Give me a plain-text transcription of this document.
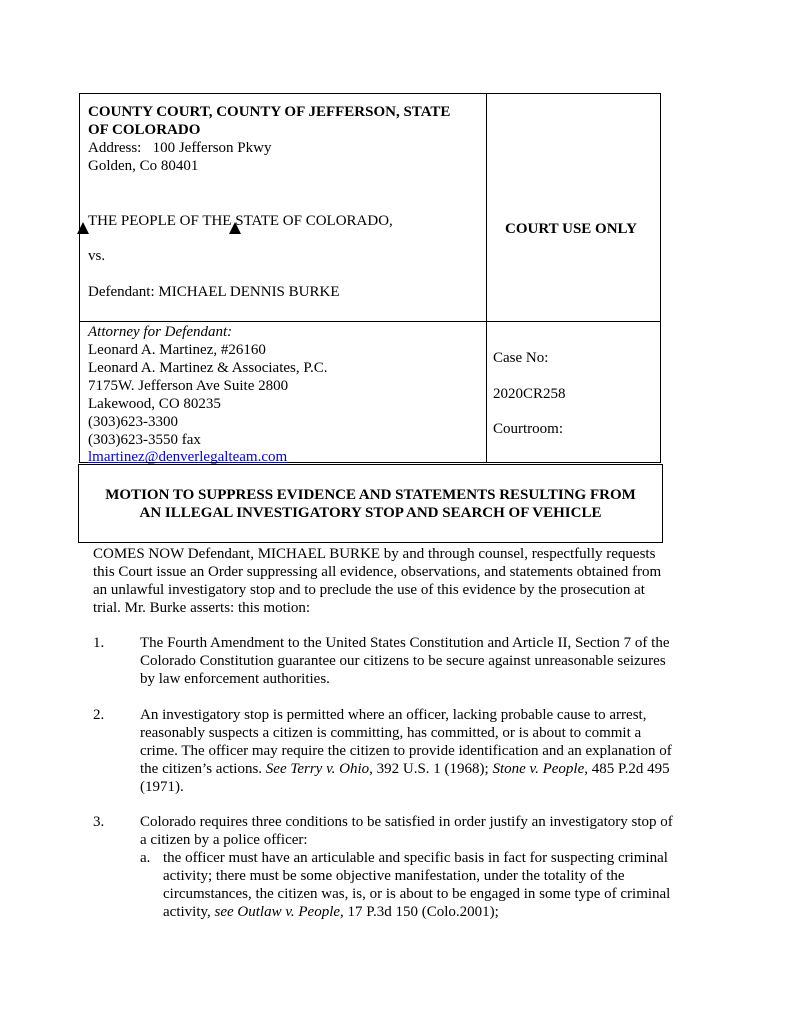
COUNTY COURT, COUNTY OF JEFFERSON, STATE
OF COLORADO
Address:   100 Jefferson Pkwy
Golden, Co 80401
THE PEOPLE OF THE STATE OF COLORADO,
vs.
Defendant: MICHAEL DENNIS BURKE
COURT USE ONLY
Attorney for Defendant:
Leonard A. Martinez, #26160
Leonard A. Martinez & Associates, P.C.
7175W. Jefferson Ave Suite 2800
Lakewood, CO 80235
(303)623-3300
(303)623-3550 fax
lmartinez@denverlegalteam.com
Case No:
2020CR258
Courtroom:
MOTION TO SUPPRESS EVIDENCE AND STATEMENTS RESULTING FROM
AN ILLEGAL INVESTIGATORY STOP AND SEARCH OF VEHICLE
COMES NOW Defendant, MICHAEL BURKE by and through counsel, respectfully requests
this Court issue an Order suppressing all evidence, observations, and statements obtained from
an unlawful investigatory stop and to preclude the use of this evidence by the prosecution at
trial. Mr. Burke asserts: this motion:
1. The Fourth Amendment to the United States Constitution and Article II, Section 7 of the
Colorado Constitution guarantee our citizens to be secure against unreasonable seizures
by law enforcement authorities.
2. An investigatory stop is permitted where an officer, lacking probable cause to arrest,
reasonably suspects a citizen is committing, has committed, or is about to commit a
crime. The officer may require the citizen to provide identification and an explanation of
the citizen’s actions. See Terry v. Ohio, 392 U.S. 1 (1968); Stone v. People, 485 P.2d 495
(1971).
3. Colorado requires three conditions to be satisfied in order justify an investigatory stop of
a citizen by a police officer:
a. the officer must have an articulable and specific basis in fact for suspecting criminal
activity; there must be some objective manifestation, under the totality of the
circumstances, the citizen was, is, or is about to be engaged in some type of criminal
activity, see Outlaw v. People, 17 P.3d 150 (Colo.2001);
